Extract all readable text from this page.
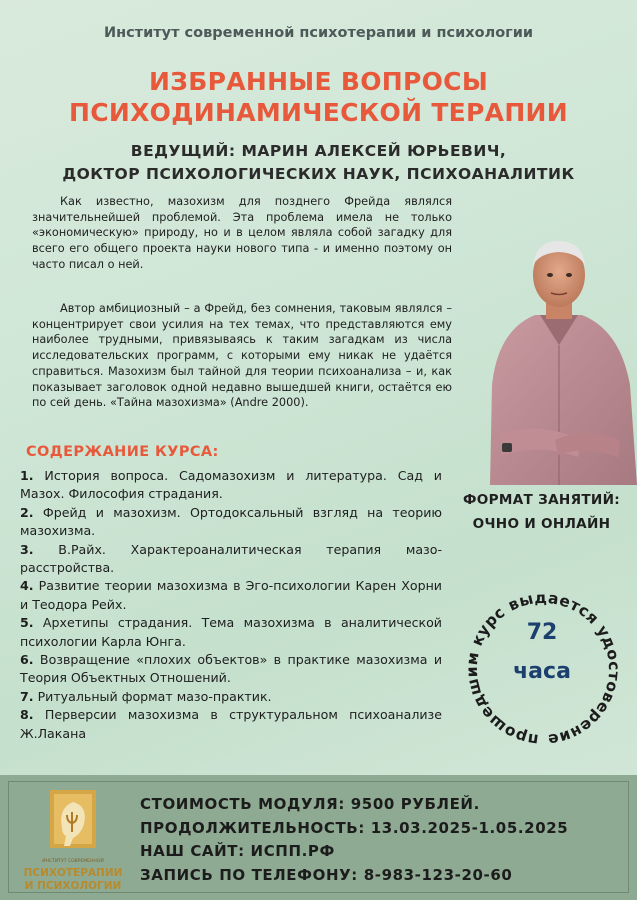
Институт современной психотерапии и психологии
ИЗБРАННЫЕ ВОПРОСЫ
ПСИХОДИНАМИЧЕСКОЙ ТЕРАПИИ
ВЕДУЩИЙ: МАРИН АЛЕКСЕЙ ЮРЬЕВИЧ,
ДОКТОР ПСИХОЛОГИЧЕСКИХ НАУК, ПСИХОАНАЛИТИК

Как известно, мазохизм для позднего Фрейда являлся значительнейшей проблемой. Эта проблема имела не только «экономическую» природу, но и в целом являла собой загадку для всего его общего проекта науки нового типа - и именно поэтому он часто писал о ней.

Автор амбициозный – а Фрейд, без сомнения, таковым являлся – концентрирует свои усилия на тех темах, что представляются ему наиболее трудными, привязываясь к таким загадкам из числа исследовательских программ, с которыми ему никак не удаётся справиться. Мазохизм был тайной для теории психоанализа – и, как показывает заголовок одной недавно вышедшей книги, остаётся ею по сей день. «Тайна мазохизма» (Andre 2000).

СОДЕРЖАНИЕ КУРСА:
1. История вопроса. Садомазохизм и литература. Сад и Мазох. Философия страдания.
2. Фрейд и мазохизм. Ортодоксальный взгляд на теорию мазохизма.
3. В.Райх. Характероаналитическая терапия мазо-расстройства.
4. Развитие теории мазохизма в Эго-психологии Карен Хорни и Теодора Рейх.
5. Архетипы страдания. Тема мазохизма в аналитической психологии Карла Юнга.
6. Возвращение «плохих объектов» в практике мазохизма и Теория Объектных Отношений.
7. Ритуальный формат мазо-практик.
8. Перверсии мазохизма в структуральном психоанализе Ж.Лакана
ФОРМАТ ЗАНЯТИЙ:
ОЧНО И ОНЛАЙН
прошедшим курс выдается удостоверение
72
часа
ИНСТИТУТ СОВРЕМЕННОЙ
ПСИХОТЕРАПИИ
И ПСИХОЛОГИИ
СТОИМОСТЬ МОДУЛЯ: 9500 РУБЛЕЙ.
ПРОДОЛЖИТЕЛЬНОСТЬ: 13.03.2025-1.05.2025
НАШ САЙТ: ИСПП.РФ
ЗАПИСЬ ПО ТЕЛЕФОНУ: 8-983-123-20-60
